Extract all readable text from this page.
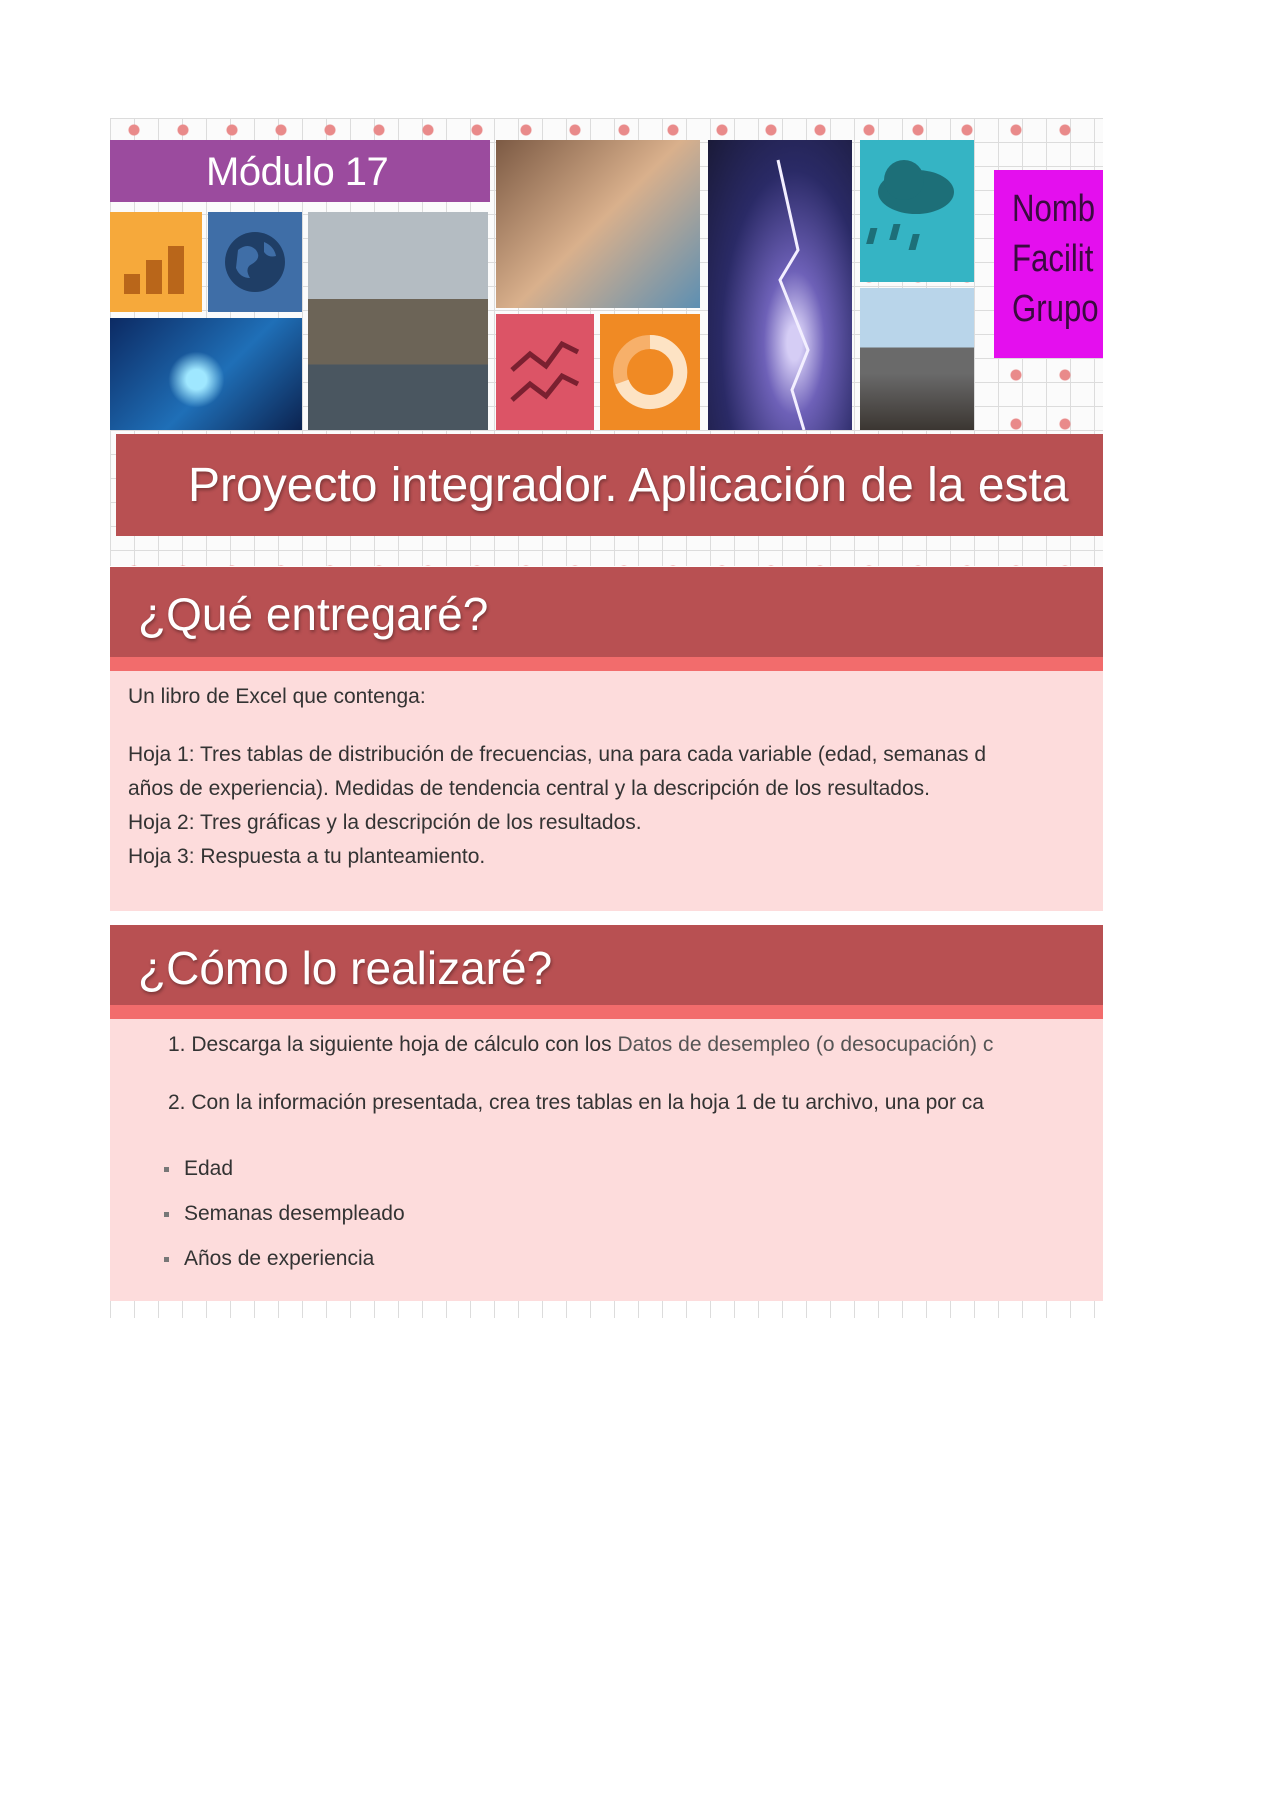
Módulo 17
Nomb
Facilit
Grupo
Proyecto integrador. Aplicación de la esta
¿Qué entregaré?

Un libro de Excel que contenga:

Hoja 1: Tres tablas de distribución de frecuencias, una para cada variable (edad, semanas d

años de experiencia). Medidas de tendencia central y la descripción de los resultados.

Hoja 2: Tres gráficas y la descripción de los resultados.

Hoja 3: Respuesta a tu planteamiento.

¿Cómo lo realizaré?
1. Descarga la siguiente hoja de cálculo con los Datos de desempleo (o desocupación) c
2. Con la información presentada, crea tres tablas en la hoja 1 de tu archivo, una por ca
Edad
Semanas desempleado
Años de experiencia
